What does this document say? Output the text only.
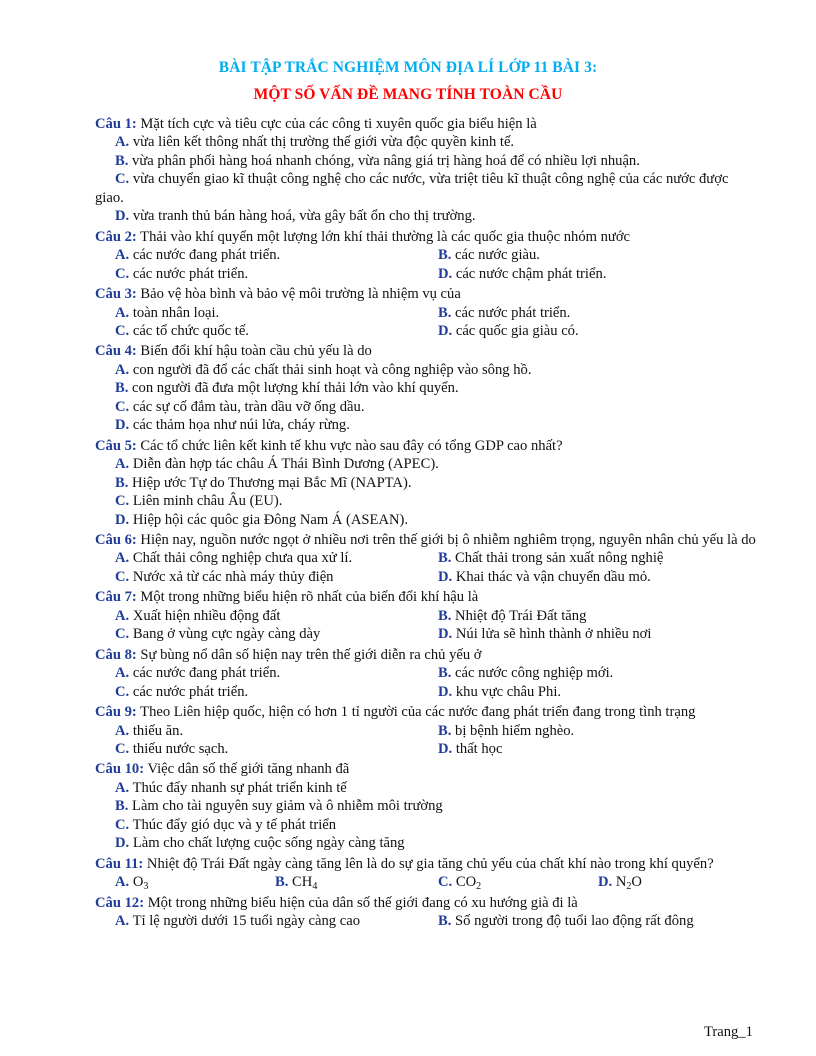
BÀI TẬP TRẮC NGHIỆM MÔN ĐỊA LÍ LỚP 11 BÀI 3:
MỘT SỐ VẤN ĐỀ MANG TÍNH TOÀN CẦU
Câu 1: Mặt tích cực và tiêu cực của các công ti xuyên quốc gia biểu hiện là
A. vừa liên kết thông nhất thị trường thế giới vừa độc quyền kinh tế.
B. vừa phân phối hàng hoá nhanh chóng, vừa nâng giá trị hàng hoá để có nhiều lợi nhuận.
C. vừa chuyển giao kĩ thuật công nghệ cho các nước, vừa triệt tiêu kĩ thuật công nghệ của các nước được giao.
D. vừa tranh thủ bán hàng hoá, vừa gây bất ổn cho thị trường.
Câu 2: Thải vào khí quyển một lượng lớn khí thải thường là các quốc gia thuộc nhóm nước
A. các nước đang phát triển.	B. các nước giàu.
C. các nước phát triển.	D. các nước chậm phát triển.
Câu 3: Bảo vệ hòa bình và bảo vệ môi trường là nhiệm vụ của
A. toàn nhân loại.	B. các nước phát triển.
C. các tổ chức quốc tế.	D. các quốc gia giàu có.
Câu 4: Biến đổi khí hậu toàn cầu chủ yếu là do
A. con người đã đổ các chất thải sinh hoạt và công nghiệp vào sông hồ.
B. con người đã đưa một lượng khí thải lớn vào khí quyển.
C. các sự cố đắm tàu, tràn dầu vỡ ống dầu.
D. các thảm họa như núi lửa, cháy rừng.
Câu 5: Các tổ chức liên kết kinh tế khu vực nào sau đây có tổng GDP cao nhất?
A. Diễn đàn hợp tác châu Á Thái Bình Dương (APEC).
B. Hiệp ước Tự do Thương mại Bắc Mĩ (NAPTA).
C. Liên minh châu Âu (EU).
D. Hiệp hội các quôc gia Đông Nam Á (ASEAN).
Câu 6: Hiện nay, nguồn nước ngọt ở nhiều nơi trên thế giới bị ô nhiễm nghiêm trọng, nguyên nhân chủ yếu là do
A. Chất thải công nghiệp chưa qua xử lí.	B. Chất thải trong sản xuất nông nghiệ
C. Nước xả từ các nhà máy thủy điện	D. Khai thác và vận chuyển dầu mỏ.
Câu 7: Một trong những biểu hiện rõ nhất của biến đổi khí hậu là
A. Xuất hiện nhiều động đất	B. Nhiệt độ Trái Đất tăng
C. Bang ở vùng cực ngày càng dày	D. Núi lửa sẽ hình thành ở nhiều nơi
Câu 8: Sự bùng nổ dân số hiện nay trên thế giới diễn ra chủ yếu ở
A. các nước đang phát triển.	B. các nước công nghiệp mới.
C. các nước phát triển.	D. khu vực châu Phi.
Câu 9: Theo Liên hiệp quốc, hiện có hơn 1 tỉ người của các nước đang phát triển đang trong tình trạng
A. thiếu ăn.	B. bị bệnh hiểm nghèo.
C. thiếu nước sạch.	D. thất học
Câu 10: Việc dân số thế giới tăng nhanh đã
A. Thúc đẩy nhanh sự phát triển kinh tế
B. Làm cho tài nguyên suy giảm và ô nhiễm môi trường
C. Thúc đẩy gió dục và y tế phát triển
D. Làm cho chất lượng cuộc sống ngày càng tăng
Câu 11: Nhiệt độ Trái Đất ngày càng tăng lên là do sự gia tăng chủ yếu của chất khí nào trong khí quyển?
A. $O_3$	B. $CH_4$	C. $CO_2$	D. $N_2O$
Câu 12: Một trong những biểu hiện của dân số thế giới đang có xu hướng già đi là
A. Tỉ lệ người dưới 15 tuổi ngày càng cao	B. Số người trong độ tuổi lao động rất đông
Trang_1
